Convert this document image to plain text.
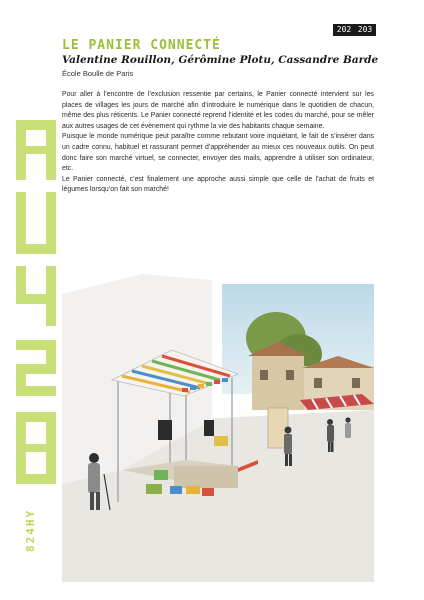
202 203
LE PANIER CONNECTÉ
Valentine Rouillon, Gérômine Plotu, Cassandre Barde
École Boulle de Paris

Pour aller à l’encontre de l’exclusion ressentie par certains, le Panier connecté intervient sur les places de villages les jours de marché afin d’introduire le numérique dans le quotidien de chacun, même des plus réticents. Le Panier connecté reprend l’identité et les codes du marché, pour se mêler aux autres usages de cet évènement qui rythme la vie des habitants chaque semaine.

Puisque le monde numérique peut paraître comme rebutant voire inquiétant, le fait de s’insérer dans un cadre connu, habituel et rassurant permet d’appréhender au mieux ces nouveaux outils. On peut donc faire son marché virtuel, se connecter, envoyer des mails, apprendre à utiliser son ordinateur, etc.

Le Panier connecté, c’est finalement une approche aussi simple que celle de l’achat de fruits et légumes lorsqu’on fait son marché!

824HY
